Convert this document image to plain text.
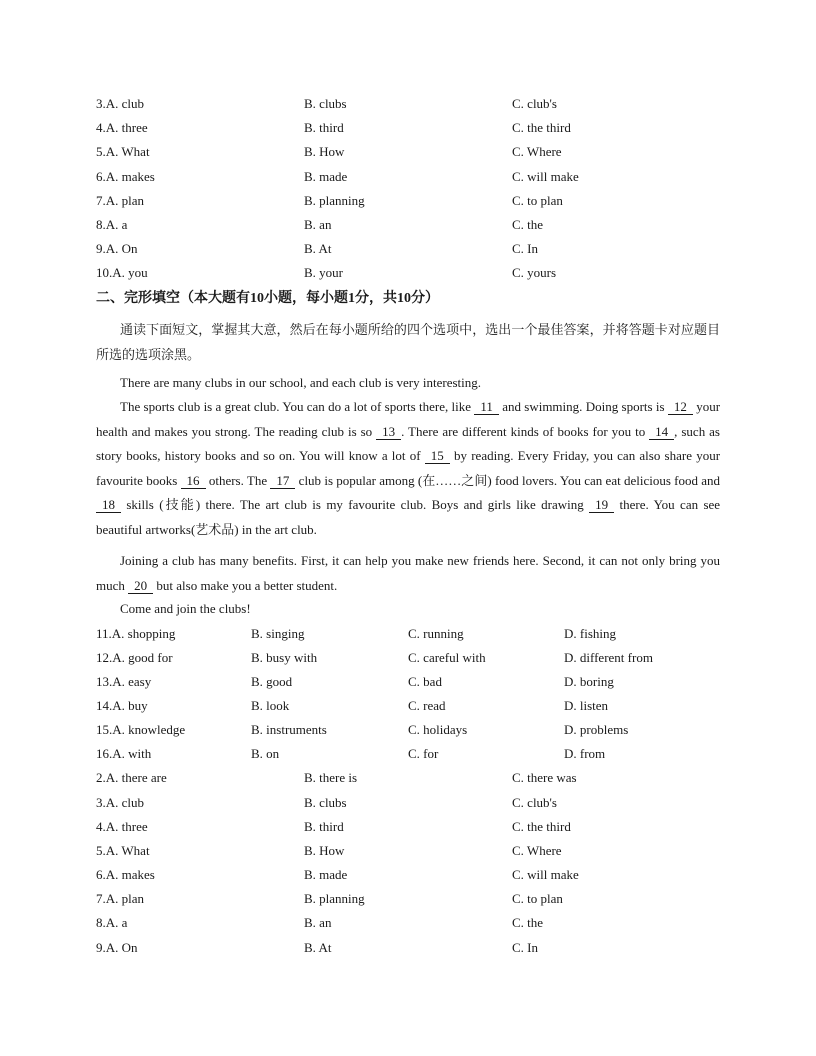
3.A. club	B. clubs	C. club's
4.A. three	B. third	C. the third
5.A. What	B. How	C. Where
6.A. makes	B. made	C. will make
7.A. plan	B. planning	C. to plan
8.A. a	B. an	C. the
9.A. On	B. At	C. In
10.A. you	B. your	C. yours
二、完形填空（本大题有10小题，每小题1分，共10分）
通读下面短文，掌握其大意，然后在每小题所给的四个选项中，选出一个最佳答案，并将答题卡对应题目所选的选项涂黑。
There are many clubs in our school, and each club is very interesting.
The sports club is a great club. You can do a lot of sports there, like 11 and swimming. Doing sports is 12 your health and makes you strong. The reading club is so 13 . There are different kinds of books for you to 14 , such as story books, history books and so on. You will know a lot of 15 by reading. Every Friday, you can also share your favourite books 16 others. The 17 club is popular among (在……之间) food lovers. You can eat delicious food and 18 skills (技能) there. The art club is my favourite club. Boys and girls like drawing 19 there. You can see beautiful artworks(艺术品) in the art club.
Joining a club has many benefits. First, it can help you make new friends here. Second, it can not only bring you much 20 but also make you a better student.
Come and join the clubs!
11.A. shopping	B. singing	C. running	D. fishing
12.A. good for	B. busy with	C. careful with	D. different from
13.A. easy	B. good	C. bad	D. boring
14.A. buy	B. look	C. read	D. listen
15.A. knowledge	B. instruments	C. holidays	D. problems
16.A. with	B. on	C. for	D. from
2.A. there are	B. there is	C. there was
3.A. club	B. clubs	C. club's
4.A. three	B. third	C. the third
5.A. What	B. How	C. Where
6.A. makes	B. made	C. will make
7.A. plan	B. planning	C. to plan
8.A. a	B. an	C. the
9.A. On	B. At	C. In
